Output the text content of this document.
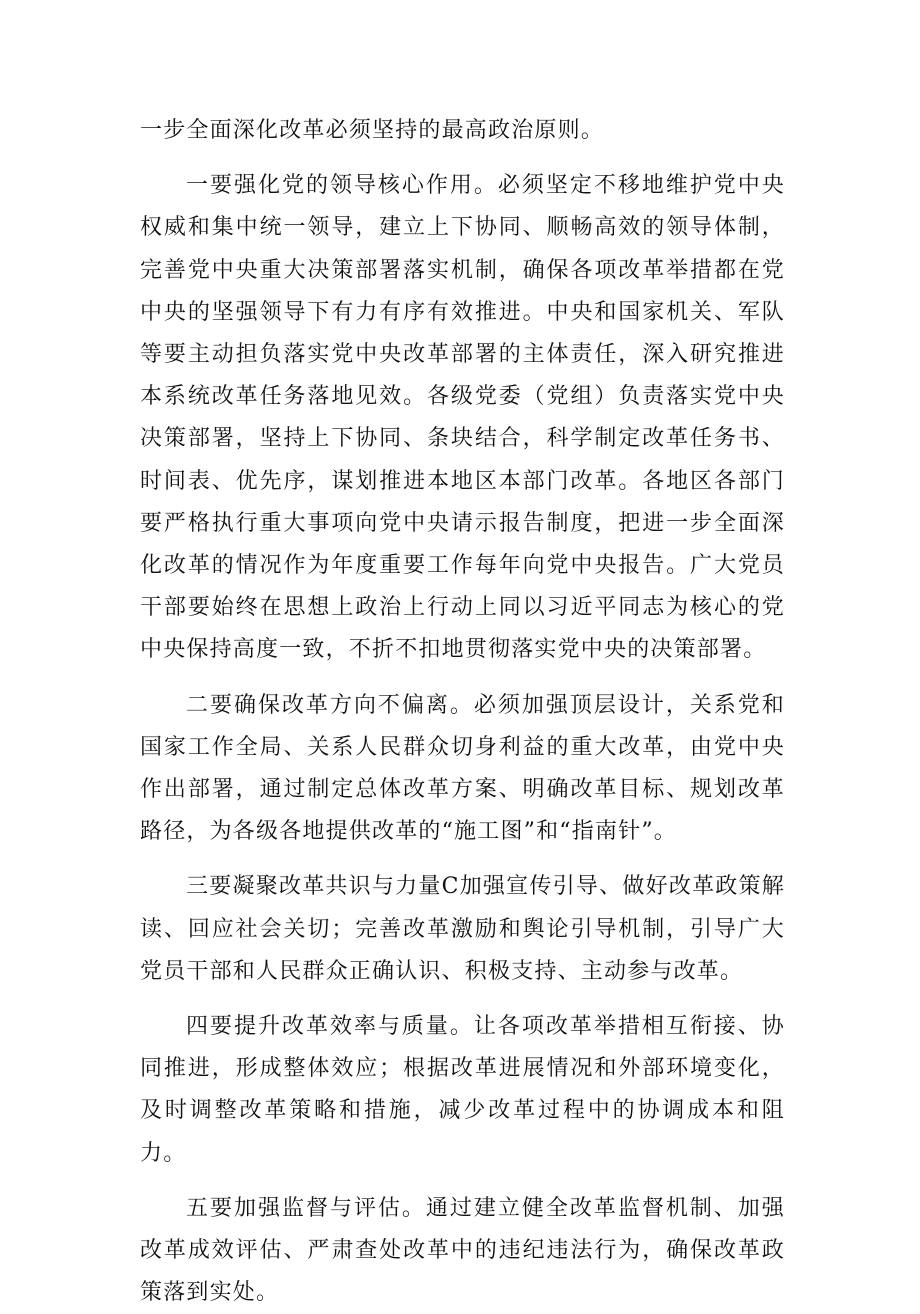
一步全面深化改革必须坚持的最高政治原则。

一要强化党的领导核心作用。必须坚定不移地维护党中央权威和集中统一领导，建立上下协同、顺畅高效的领导体制，完善党中央重大决策部署落实机制，确保各项改革举措都在党中央的坚强领导下有力有序有效推进。中央和国家机关、军队等要主动担负落实党中央改革部署的主体责任，深入研究推进本系统改革任务落地见效。各级党委（党组）负责落实党中央决策部署，坚持上下协同、条块结合，科学制定改革任务书、时间表、优先序，谋划推进本地区本部门改革。各地区各部门要严格执行重大事项向党中央请示报告制度，把进一步全面深化改革的情况作为年度重要工作每年向党中央报告。广大党员干部要始终在思想上政治上行动上同以习近平同志为核心的党中央保持高度一致，不折不扣地贯彻落实党中央的决策部署。

二要确保改革方向不偏离。必须加强顶层设计，关系党和国家工作全局、关系人民群众切身利益的重大改革，由党中央作出部署，通过制定总体改革方案、明确改革目标、规划改革路径，为各级各地提供改革的“施工图”和“指南针”。

三要凝聚改革共识与力量C加强宣传引导、做好改革政策解读、回应社会关切；完善改革激励和舆论引导机制，引导广大党员干部和人民群众正确认识、积极支持、主动参与改革。

四要提升改革效率与质量。让各项改革举措相互衔接、协同推进，形成整体效应；根据改革进展情况和外部环境变化，及时调整改革策略和措施，减少改革过程中的协调成本和阻力。

五要加强监督与评估。通过建立健全改革监督机制、加强改革成效评估、严肃查处改革中的违纪违法行为，确保改革政策落到实处。
